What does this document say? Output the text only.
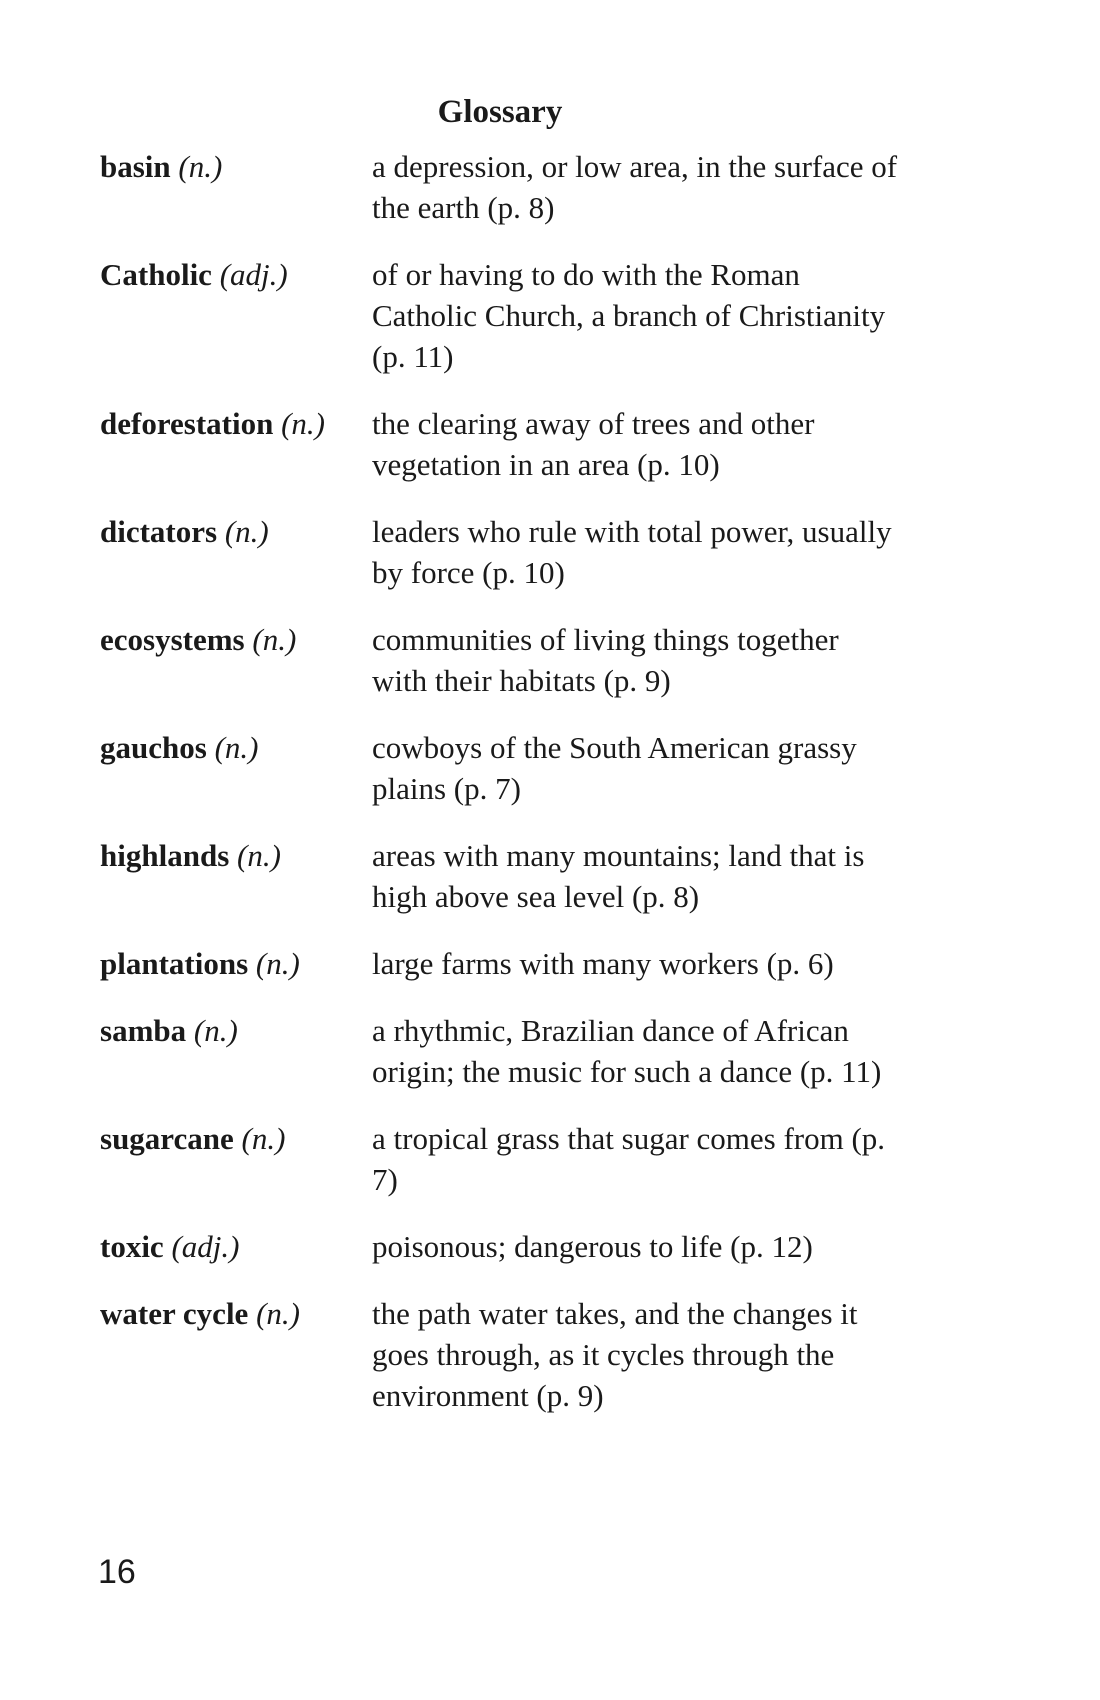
Glossary
basin (n.)	a depression, or low area, in the surface of the earth (p. 8)
Catholic (adj.)	of or having to do with the Roman Catholic Church, a branch of Christianity (p. 11)
deforestation (n.)	the clearing away of trees and other vegetation in an area (p. 10)
dictators (n.)	leaders who rule with total power, usually by force (p. 10)
ecosystems (n.)	communities of living things together with their habitats (p. 9)
gauchos (n.)	cowboys of the South American grassy plains (p. 7)
highlands (n.)	areas with many mountains; land that is high above sea level (p. 8)
plantations (n.)	large farms with many workers (p. 6)
samba (n.)	a rhythmic, Brazilian dance of African origin; the music for such a dance (p. 11)
sugarcane (n.)	a tropical grass that sugar comes from (p. 7)
toxic (adj.)	poisonous; dangerous to life (p. 12)
water cycle (n.)	the path water takes, and the changes it goes through, as it cycles through the environment (p. 9)
16
